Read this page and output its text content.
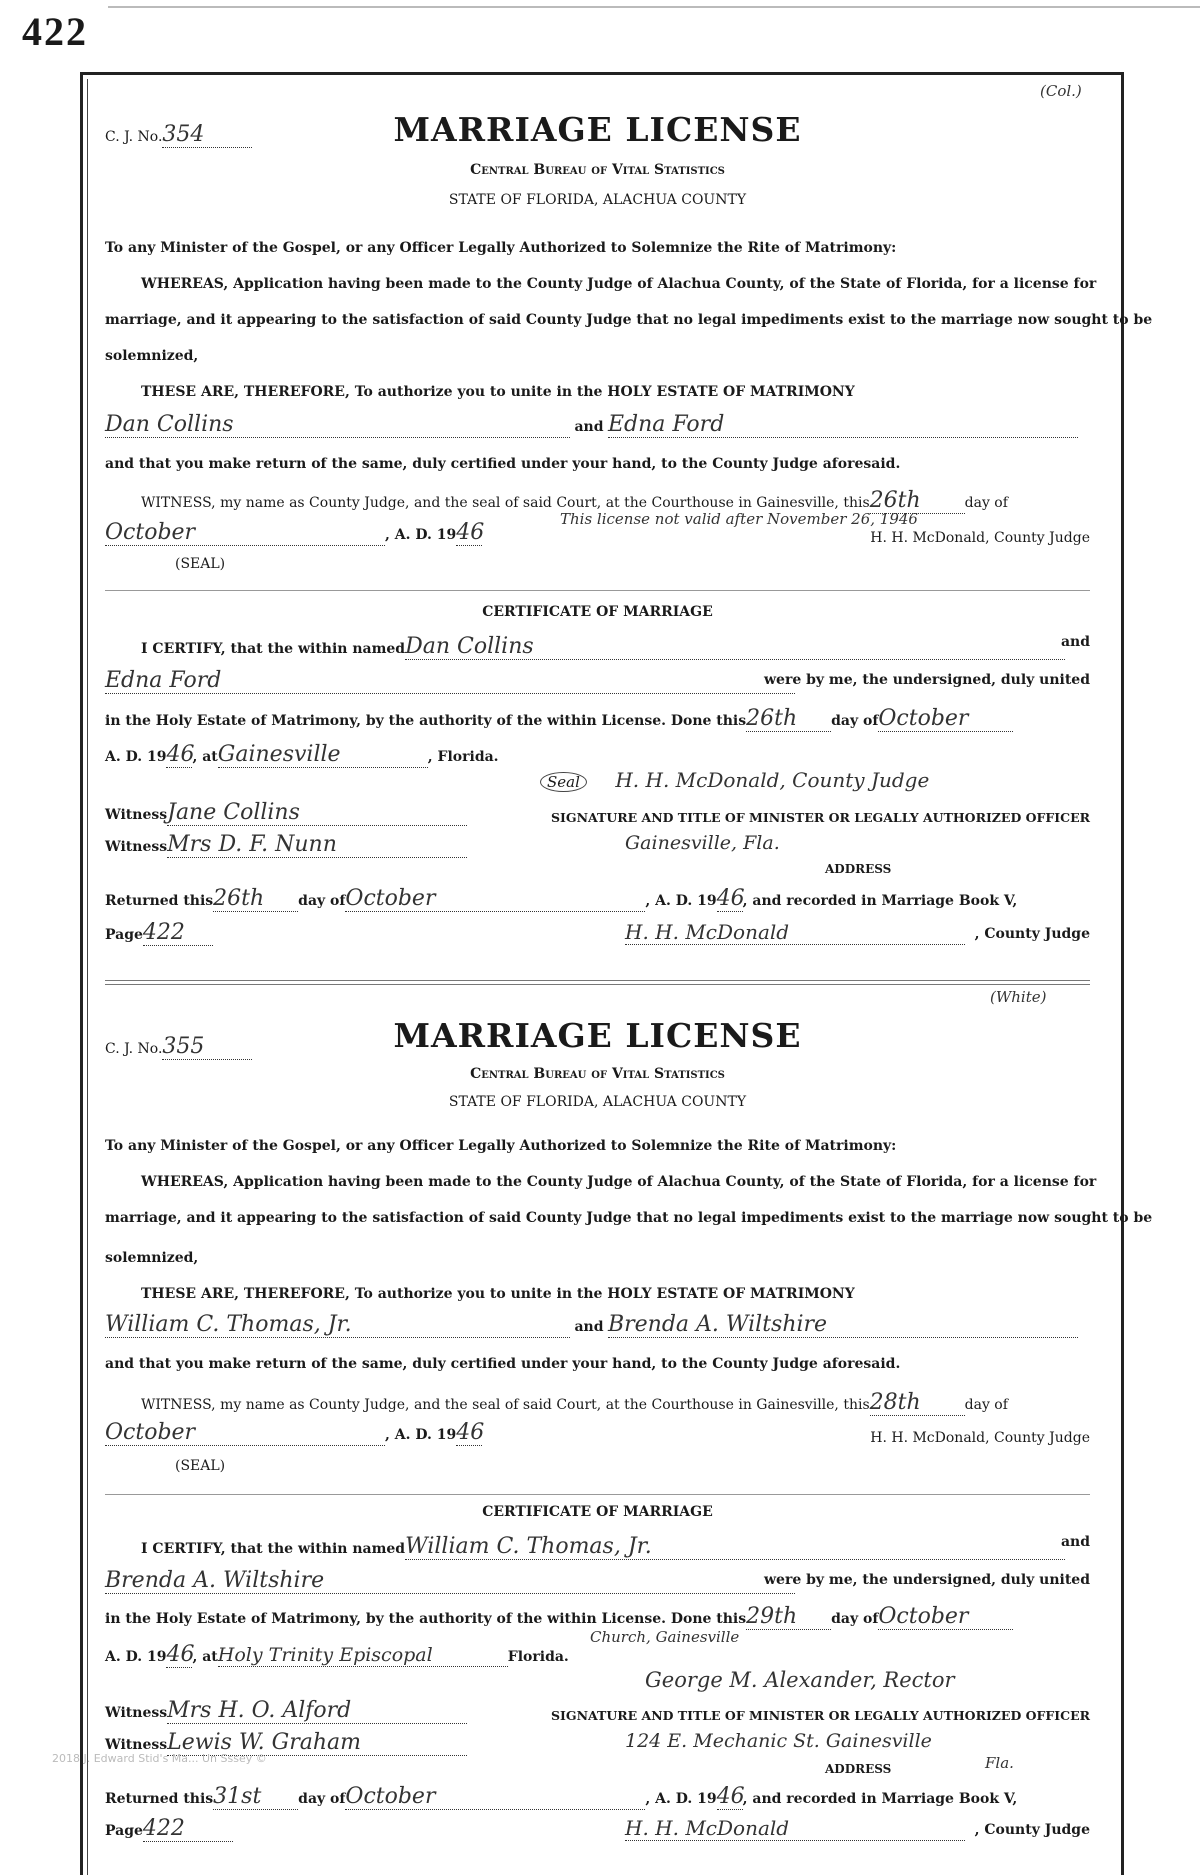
422
(Col.)
C. J. No.354	MARRIAGE LICENSE
Central Bureau of Vital Statistics
STATE OF FLORIDA, ALACHUA COUNTY
To any Minister of the Gospel, or any Officer Legally Authorized to Solemnize the Rite of Matrimony:
WHEREAS, Application having been made to the County Judge of Alachua County, of the State of Florida, for a license for
marriage, and it appearing to the satisfaction of said County Judge that no legal impediments exist to the marriage now sought to be
solemnized,
THESE ARE, THEREFORE, To authorize you to unite in the HOLY ESTATE OF MATRIMONY
Dan Collins	and Edna Ford
and that you make return of the same, duly certified under your hand, to the County Judge aforesaid.
WITNESS, my name as County Judge, and the seal of said Court, at the Courthouse in Gainesville, this26th	day of
This license not valid after November 26, 1946
October	, A. D. 1946	H. H. McDonald, County Judge
(SEAL)
CERTIFICATE OF MARRIAGE
I CERTIFY, that the within namedDan Collins	and
Edna Ford	were by me, the undersigned, duly united
in the Holy Estate of Matrimony, by the authority of the within License. Done this26th day ofOctober
A. D. 1946, atGainesville	, Florida.
Seal H. H. McDonald, County Judge
WitnessJane Collins	SIGNATURE AND TITLE OF MINISTER OR LEGALLY AUTHORIZED OFFICER
WitnessMrs D. F. Nunn	Gainesville, Fla.
ADDRESS
Returned this26th day ofOctober	, A. D. 1946, and recorded in Marriage Book V,
Page422	H. H. McDonald	, County Judge
(White)
C. J. No.355	MARRIAGE LICENSE
Central Bureau of Vital Statistics
STATE OF FLORIDA, ALACHUA COUNTY
To any Minister of the Gospel, or any Officer Legally Authorized to Solemnize the Rite of Matrimony:
WHEREAS, Application having been made to the County Judge of Alachua County, of the State of Florida, for a license for
marriage, and it appearing to the satisfaction of said County Judge that no legal impediments exist to the marriage now sought to be
solemnized,
THESE ARE, THEREFORE, To authorize you to unite in the HOLY ESTATE OF MATRIMONY
William C. Thomas, Jr.	and Brenda A. Wiltshire
and that you make return of the same, duly certified under your hand, to the County Judge aforesaid.
WITNESS, my name as County Judge, and the seal of said Court, at the Courthouse in Gainesville, this28th	day of
October	, A. D. 1946	H. H. McDonald, County Judge
(SEAL)
CERTIFICATE OF MARRIAGE
I CERTIFY, that the within namedWilliam C. Thomas, Jr.	and
Brenda A. Wiltshire	were by me, the undersigned, duly united
in the Holy Estate of Matrimony, by the authority of the within License. Done this29th day ofOctober
Church, Gainesville
A. D. 1946, atHoly Trinity Episcopal	Florida.
George M. Alexander, Rector
WitnessMrs H. O. Alford	SIGNATURE AND TITLE OF MINISTER OR LEGALLY AUTHORIZED OFFICER
WitnessLewis W. Graham	124 E. Mechanic St. Gainesville
ADDRESS	Fla.
Returned this31st	day ofOctober	, A. D. 1946, and recorded in Marriage Book V,
Page422	H. H. McDonald	, County Judge
2018 J. Edward Stid's Ma... Un Sssey ©
